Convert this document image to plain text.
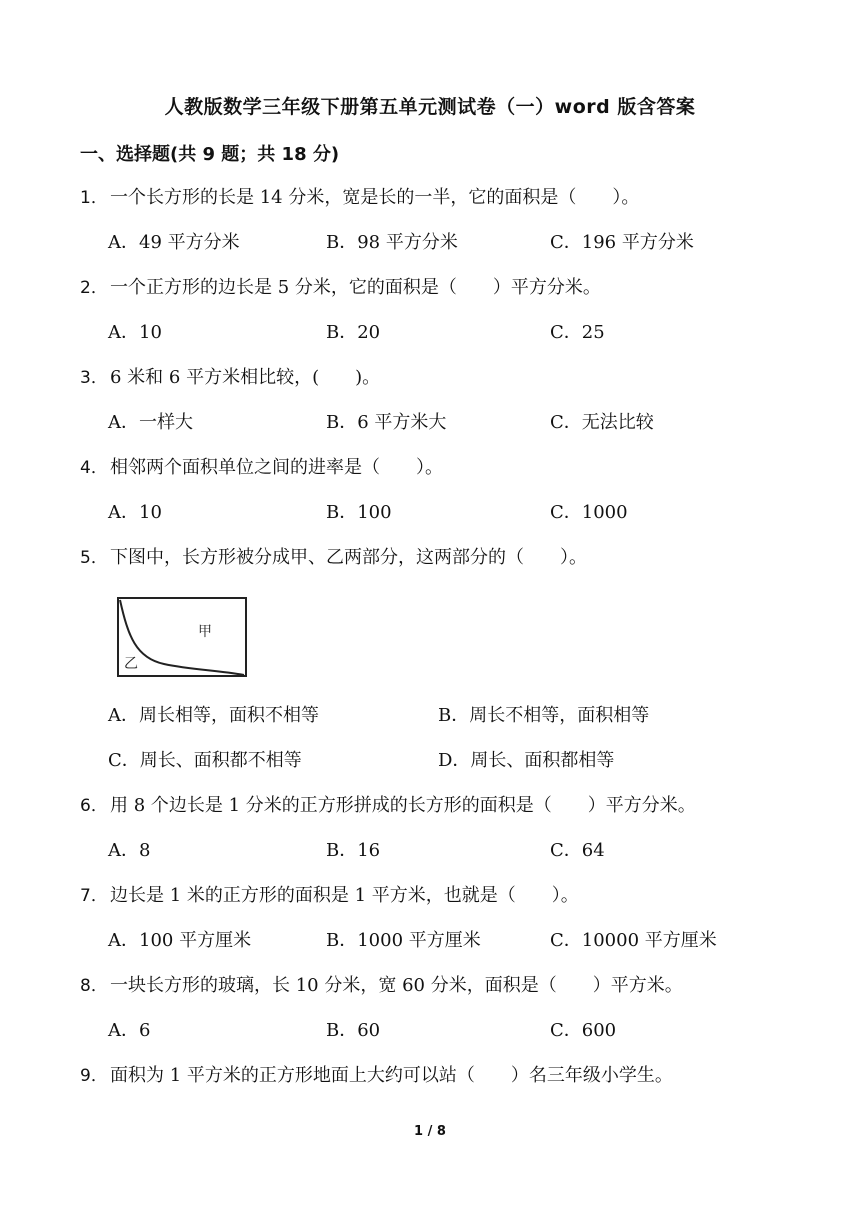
人教版数学三年级下册第五单元测试卷（一）word 版含答案
一、选择题(共 9 题；共 18 分)
1． 一个长方形的长是 14 分米，宽是长的一半，它的面积是（　　）。
A．49 平方分米	B．98 平方分米	C．196 平方分米
2． 一个正方形的边长是 5 分米，它的面积是（　　）平方分米。
A．10	B．20	C．25
3． 6 米和 6 平方米相比较，(　　)。
A．一样大	B．6 平方米大	C．无法比较
4． 相邻两个面积单位之间的进率是（　　）。
A．10	B．100	C．1000
5． 下图中，长方形被分成甲、乙两部分，这两部分的（　　）。
甲
乙
A．周长相等，面积不相等	B．周长不相等，面积相等
C．周长、面积都不相等	D．周长、面积都相等
6． 用 8 个边长是 1 分米的正方形拼成的长方形的面积是（　　）平方分米。
A．8	B．16	C．64
7． 边长是 1 米的正方形的面积是 1 平方米，也就是（　　）。
A．100 平方厘米	B．1000 平方厘米	C．10000 平方厘米
8． 一块长方形的玻璃，长 10 分米，宽 60 分米，面积是（　　）平方米。
A．6	B．60	C．600
9． 面积为 1 平方米的正方形地面上大约可以站（　　）名三年级小学生。
1 / 8
